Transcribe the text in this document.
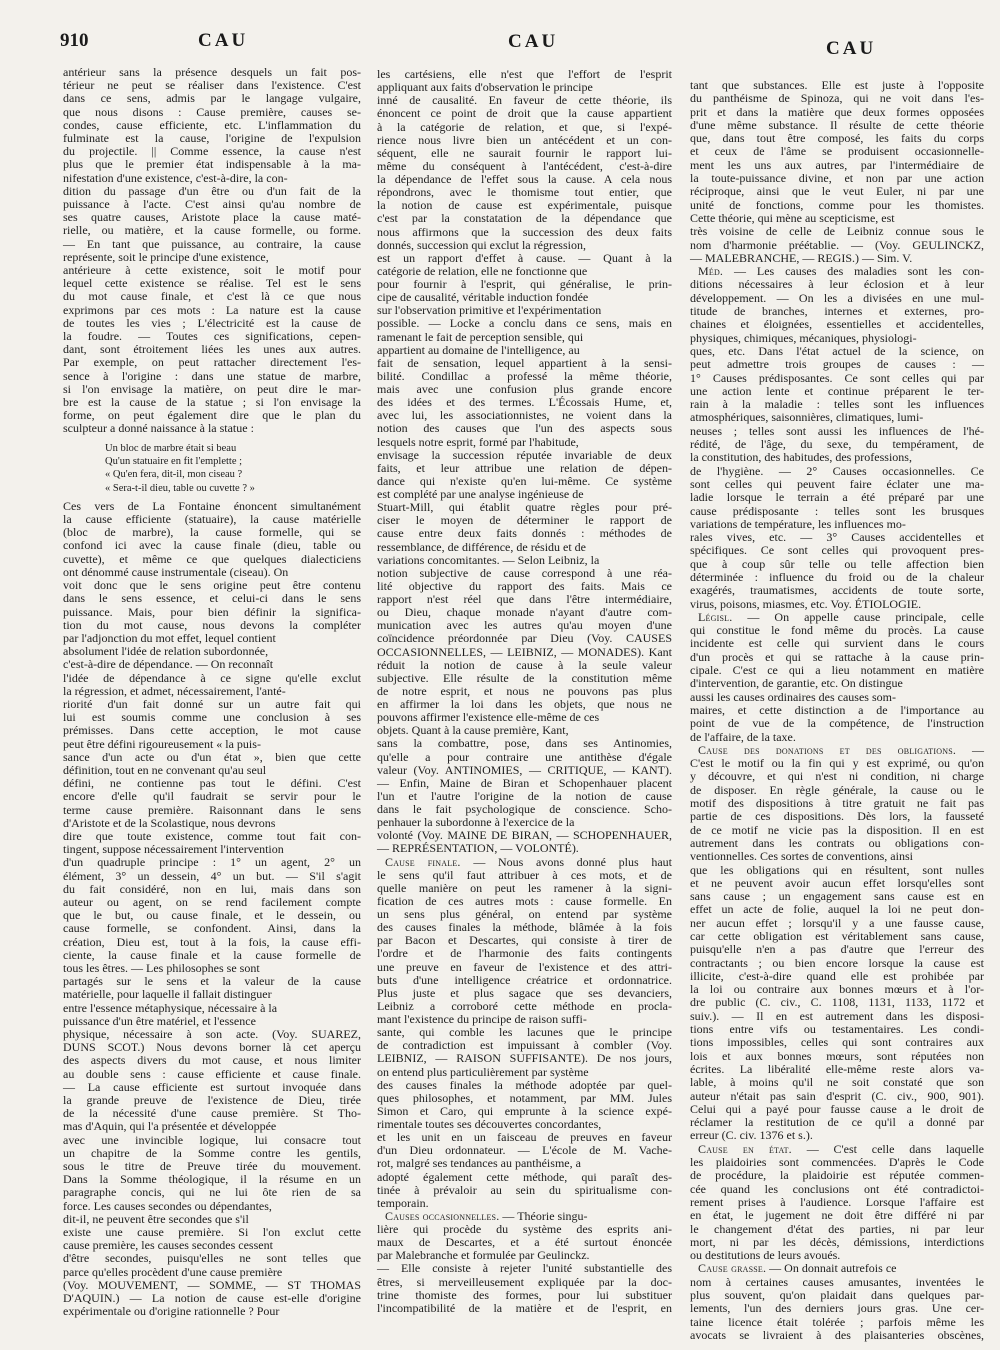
910	CAU	CAU	CAU
antérieur sans la présence desquels un fait pos-
térieur ne peut se réaliser dans l'existence. C'est
dans ce sens, admis par le langage vulgaire,
que nous disons : Cause première, causes se-
condes, cause efficiente, etc. L'inflammation du
fulminate est la cause, l'origine de l'expulsion
du projectile. || Comme essence, la cause n'est
plus que le premier état indispensable à la ma-
nifestation d'une existence, c'est-à-dire, la con-
dition du passage d'un être ou d'un fait de la
puissance à l'acte. C'est ainsi qu'au nombre de
ses quatre causes, Aristote place la cause maté-
rielle, ou matière, et la cause formelle, ou forme.
— En tant que puissance, au contraire, la cause
représente, soit le principe d'une existence,
antérieure à cette existence, soit le motif pour
lequel cette existence se réalise. Tel est le sens
du mot cause finale, et c'est là ce que nous
exprimons par ces mots : La nature est la cause
de toutes les vies ; L'électricité est la cause de
la foudre. — Toutes ces significations, cepen-
dant, sont étroitement liées les unes aux autres.
Par exemple, on peut rattacher directement l'es-
sence à l'origine : dans une statue de marbre,
si l'on envisage la matière, on peut dire le mar-
bre est la cause de la statue ; si l'on envisage la
forme, on peut également dire que le plan du
sculpteur a donné naissance à la statue :
Un bloc de marbre était si beau
Qu'un statuaire en fit l'emplette ;
« Qu'en fera, dit-il, mon ciseau ?
« Sera-t-il dieu, table ou cuvette ? »
Ces vers de La Fontaine énoncent simultanément
la cause efficiente (statuaire), la cause matérielle
(bloc de marbre), la cause formelle, qui se
confond ici avec la cause finale (dieu, table ou
cuvette), et même ce que quelques dialecticiens
ont dénommé cause instrumentale (ciseau). On
voit donc que le sens origine peut être contenu
dans le sens essence, et celui-ci dans le sens
puissance. Mais, pour bien définir la significa-
tion du mot cause, nous devons la compléter
par l'adjonction du mot effet, lequel contient
absolument l'idée de relation subordonnée,
c'est-à-dire de dépendance. — On reconnaît
l'idée de dépendance à ce signe qu'elle exclut
la régression, et admet, nécessairement, l'anté-
riorité d'un fait donné sur un autre fait qui
lui est soumis comme une conclusion à ses
prémisses. Dans cette acception, le mot cause
peut être défini rigoureusement « la puis-
sance d'un acte ou d'un état », bien que cette
définition, tout en ne convenant qu'au seul
défini, ne contienne pas tout le défini. C'est
encore d'elle qu'il faudrait se servir pour le
terme cause première. Raisonnant dans le sens
d'Aristote et de la Scolastique, nous devrons
dire que toute existence, comme tout fait con-
tingent, suppose nécessairement l'intervention
d'un quadruple principe : 1° un agent, 2° un
élément, 3° un dessein, 4° un but. — S'il s'agit
du fait considéré, non en lui, mais dans son
auteur ou agent, on se rend facilement compte
que le but, ou cause finale, et le dessein, ou
cause formelle, se confondent. Ainsi, dans la
création, Dieu est, tout à la fois, la cause effi-
ciente, la cause finale et la cause formelle de
tous les êtres. — Les philosophes se sont
partagés sur le sens et la valeur de la cause
matérielle, pour laquelle il fallait distinguer
entre l'essence métaphysique, nécessaire à la
puissance d'un être matériel, et l'essence
physique, nécessaire à son acte. (Voy. SUAREZ,
DUNS SCOT.) Nous devons borner là cet aperçu
des aspects divers du mot cause, et nous limiter
au double sens : cause efficiente et cause finale.
— La cause efficiente est surtout invoquée dans
la grande preuve de l'existence de Dieu, tirée
de la nécessité d'une cause première. St Tho-
mas d'Aquin, qui l'a présentée et développée
avec une invincible logique, lui consacre tout
un chapitre de la Somme contre les gentils,
sous le titre de Preuve tirée du mouvement.
Dans la Somme théologique, il la résume en un
paragraphe concis, qui ne lui ôte rien de sa
force. Les causes secondes ou dépendantes,
dit-il, ne peuvent être secondes que s'il
existe une cause première. Si l'on exclut cette
cause première, les causes secondes cessent
d'être secondes, puisqu'elles ne sont telles que
parce qu'elles procèdent d'une cause première
(Voy. MOUVEMENT, — SOMME, — ST THOMAS
D'AQUIN.) — La notion de cause est-elle d'origine
expérimentale ou d'origine rationnelle ? Pour
les cartésiens, elle n'est que l'effort de l'esprit
appliquant aux faits d'observation le principe
inné de causalité. En faveur de cette théorie, ils
énoncent ce point de droit que la cause appartient
à la catégorie de relation, et que, si l'expé-
rience nous livre bien un antécédent et un con-
séquent, elle ne saurait fournir le rapport lui-
même du conséquent à l'antécédent, c'est-à-dire
la dépendance de l'effet sous la cause. A cela nous
répondrons, avec le thomisme tout entier, que
la notion de cause est expérimentale, puisque
c'est par la constatation de la dépendance que
nous affirmons que la succession des deux faits
donnés, succession qui exclut la régression,
est un rapport d'effet à cause. — Quant à la
catégorie de relation, elle ne fonctionne que
pour fournir à l'esprit, qui généralise, le prin-
cipe de causalité, véritable induction fondée
sur l'observation primitive et l'expérimentation
possible. — Locke a conclu dans ce sens, mais en
ramenant le fait de perception sensible, qui
appartient au domaine de l'intelligence, au
fait de sensation, lequel appartient à la sensi-
bilité. Condillac a professé la même théorie,
mais avec une confusion plus grande encore
des idées et des termes. L'Écossais Hume, et,
avec lui, les associationnistes, ne voient dans la
notion des causes que l'un des aspects sous
lesquels notre esprit, formé par l'habitude,
envisage la succession réputée invariable de deux
faits, et leur attribue une relation de dépen-
dance qui n'existe qu'en lui-même. Ce système
est complété par une analyse ingénieuse de
Stuart-Mill, qui établit quatre règles pour pré-
ciser le moyen de déterminer le rapport de
cause entre deux faits donnés : méthodes de
ressemblance, de différence, de résidu et de
variations concomitantes. — Selon Leibniz, la
notion subjective de cause correspond à une réa-
lité objective du rapport des faits. Mais ce
rapport n'est réel que dans l'être intermédiaire,
ou Dieu, chaque monade n'ayant d'autre com-
munication avec les autres qu'au moyen d'une
coïncidence préordonnée par Dieu (Voy. CAUSES
OCCASIONNELLES, — LEIBNIZ, — MONADES). Kant
réduit la notion de cause à la seule valeur
subjective. Elle résulte de la constitution même
de notre esprit, et nous ne pouvons pas plus
en affirmer la loi dans les objets, que nous ne
pouvons affirmer l'existence elle-même de ces
objets. Quant à la cause première, Kant,
sans la combattre, pose, dans ses Antinomies,
qu'elle a pour contraire une antithèse d'égale
valeur (Voy. ANTINOMIES, — CRITIQUE, — KANT).
— Enfin, Maine de Biran et Schopenhauer placent
l'un et l'autre l'origine de la notion de cause
dans le fait psychologique de conscience. Scho-
penhauer la subordonne à l'exercice de la
volonté (Voy. MAINE DE BIRAN, — SCHOPENHAUER,
— REPRÉSENTATION, — VOLONTÉ).
Cause finale. — Nous avons donné plus haut
le sens qu'il faut attribuer à ces mots, et de
quelle manière on peut les ramener à la signi-
fication de ces autres mots : cause formelle. En
un sens plus général, on entend par système
des causes finales la méthode, blâmée à la fois
par Bacon et Descartes, qui consiste à tirer de
l'ordre et de l'harmonie des faits contingents
une preuve en faveur de l'existence et des attri-
buts d'une intelligence créatrice et ordonnatrice.
Plus juste et plus sagace que ses devanciers,
Leibniz a corroboré cette méthode en procla-
mant l'existence du principe de raison suffi-
sante, qui comble les lacunes que le principe
de contradiction est impuissant à combler (Voy.
LEIBNIZ, — RAISON SUFFISANTE). De nos jours,
on entend plus particulièrement par système
des causes finales la méthode adoptée par quel-
ques philosophes, et notamment, par MM. Jules
Simon et Caro, qui emprunte à la science expé-
rimentale toutes ses découvertes concordantes,
et les unit en un faisceau de preuves en faveur
d'un Dieu ordonnateur. — L'école de M. Vache-
rot, malgré ses tendances au panthéisme, a
adopté également cette méthode, qui paraît des-
tinée à prévaloir au sein du spiritualisme con-
temporain.
Causes occasionnelles. — Théorie singu-
lière qui procède du système des esprits ani-
maux de Descartes, et a été surtout énoncée
par Malebranche et formulée par Geulinckz.
— Elle consiste à rejeter l'unité substantielle des
êtres, si merveilleusement expliquée par la doc-
trine thomiste des formes, pour lui substituer
l'incompatibilité de la matière et de l'esprit, en
tant que substances. Elle est juste à l'opposite
du panthéisme de Spinoza, qui ne voit dans l'es-
prit et dans la matière que deux formes opposées
d'une même substance. Il résulte de cette théorie
que, dans tout être composé, les faits du corps
et ceux de l'âme se produisent occasionnelle-
ment les uns aux autres, par l'intermédiaire de
la toute-puissance divine, et non par une action
réciproque, ainsi que le veut Euler, ni par une
unité de fonctions, comme pour les thomistes.
Cette théorie, qui mène au scepticisme, est
très voisine de celle de Leibniz connue sous le
nom d'harmonie préétablie. — (Voy. GEULINCKZ,
— MALEBRANCHE, — REGIS.) — Sim. V.
Méd. — Les causes des maladies sont les con-
ditions nécessaires à leur éclosion et à leur
développement. — On les a divisées en une mul-
titude de branches, internes et externes, pro-
chaines et éloignées, essentielles et accidentelles,
physiques, chimiques, mécaniques, physiologi-
ques, etc. Dans l'état actuel de la science, on
peut admettre trois groupes de causes : —
1° Causes prédisposantes. Ce sont celles qui par
une action lente et continue préparent le ter-
rain à la maladie : telles sont les influences
atmosphériques, saisonnières, climatiques, lumi-
neuses ; telles sont aussi les influences de l'hé-
rédité, de l'âge, du sexe, du tempérament, de
la constitution, des habitudes, des professions,
de l'hygiène. — 2° Causes occasionnelles. Ce
sont celles qui peuvent faire éclater une ma-
ladie lorsque le terrain a été préparé par une
cause prédisposante : telles sont les brusques
variations de température, les influences mo-
rales vives, etc. — 3° Causes accidentelles et
spécifiques. Ce sont celles qui provoquent pres-
que à coup sûr telle ou telle affection bien
déterminée : influence du froid ou de la chaleur
exagérés, traumatismes, accidents de toute sorte,
virus, poisons, miasmes, etc. Voy. ÉTIOLOGIE.
Législ. — On appelle cause principale, celle
qui constitue le fond même du procès. La cause
incidente est celle qui survient dans le cours
d'un procès et qui se rattache à la cause prin-
cipale. C'est ce qui a lieu notamment en matière
d'intervention, de garantie, etc. On distingue
aussi les causes ordinaires des causes som-
maires, et cette distinction a de l'importance au
point de vue de la compétence, de l'instruction
de l'affaire, de la taxe.
Cause des donations et des obligations. —
C'est le motif ou la fin qui y est exprimé, ou qu'on
y découvre, et qui n'est ni condition, ni charge
de disposer. En règle générale, la cause ou le
motif des dispositions à titre gratuit ne fait pas
partie de ces dispositions. Dès lors, la fausseté
de ce motif ne vicie pas la disposition. Il en est
autrement dans les contrats ou obligations con-
ventionnelles. Ces sortes de conventions, ainsi
que les obligations qui en résultent, sont nulles
et ne peuvent avoir aucun effet lorsqu'elles sont
sans cause ; un engagement sans cause est en
effet un acte de folie, auquel la loi ne peut don-
ner aucun effet ; lorsqu'il y a une fausse cause,
car cette obligation est véritablement sans cause,
puisqu'elle n'en a pas d'autre que l'erreur des
contractants ; ou bien encore lorsque la cause est
illicite, c'est-à-dire quand elle est prohibée par
la loi ou contraire aux bonnes mœurs et à l'or-
dre public (C. civ., C. 1108, 1131, 1133, 1172 et
suiv.). — Il en est autrement dans les disposi-
tions entre vifs ou testamentaires. Les condi-
tions impossibles, celles qui sont contraires aux
lois et aux bonnes mœurs, sont réputées non
écrites. La libéralité elle-même reste alors va-
lable, à moins qu'il ne soit constaté que son
auteur n'était pas sain d'esprit (C. civ., 900, 901).
Celui qui a payé pour fausse cause a le droit de
réclamer la restitution de ce qu'il a donné par
erreur (C. civ. 1376 et s.).
Cause en état. — C'est celle dans laquelle
les plaidoiries sont commencées. D'après le Code
de procédure, la plaidoirie est réputée commen-
cée quand les conclusions ont été contradictoi-
rement prises à l'audience. Lorsque l'affaire est
en état, le jugement ne doit être différé ni par
le changement d'état des parties, ni par leur
mort, ni par les décès, démissions, interdictions
ou destitutions de leurs avoués.
Cause grasse. — On donnait autrefois ce
nom à certaines causes amusantes, inventées le
plus souvent, qu'on plaidait dans quelques par-
lements, l'un des derniers jours gras. Une cer-
taine licence était tolérée ; parfois même les
avocats se livraient à des plaisanteries obscènes,
